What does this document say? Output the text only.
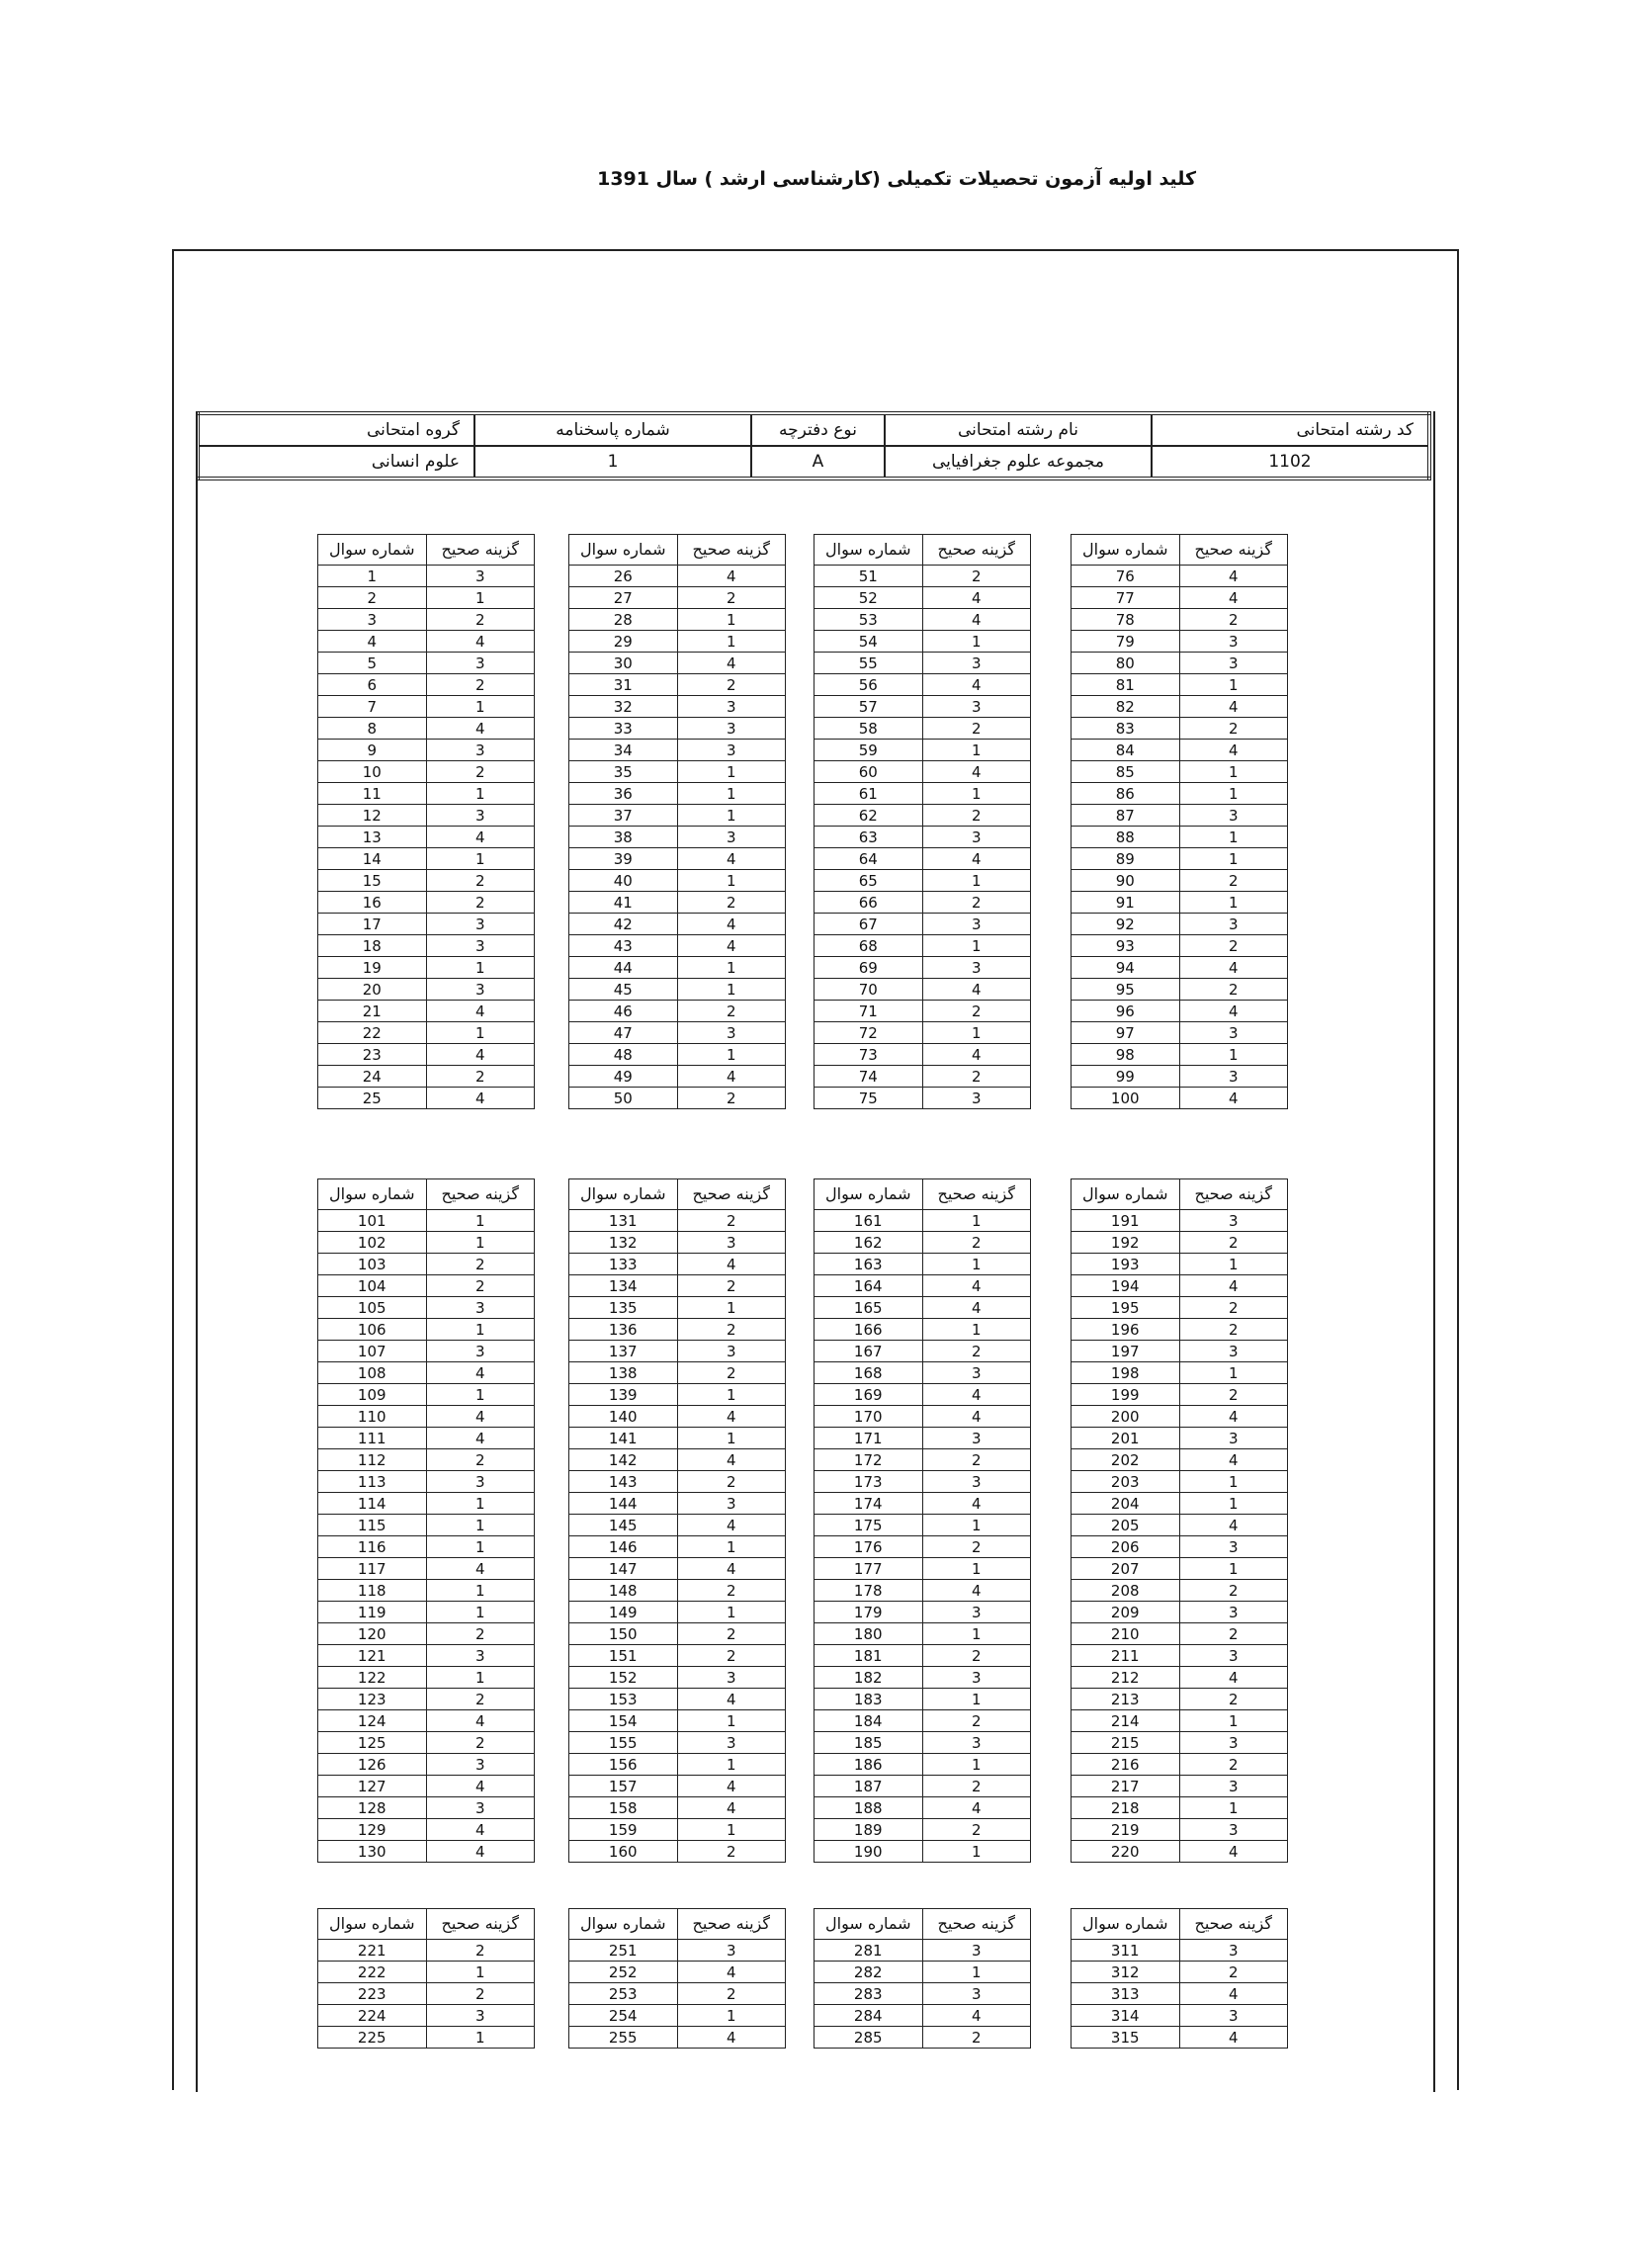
کلید اولیه آزمون تحصیلات تکمیلی (کارشناسی ارشد ) سال 1391
کد رشته امتحانی	نام رشته امتحانی	نوع دفترچه	شماره پاسخنامه	گروه امتحانی
1102	مجموعه علوم جغرافیایی	A	1	علوم انسانی
شماره سوال	گزینه صحیح
1	3
2	1
3	2
4	4
5	3
6	2
7	1
8	4
9	3
10	2
11	1
12	3
13	4
14	1
15	2
16	2
17	3
18	3
19	1
20	3
21	4
22	1
23	4
24	2
25	4
شماره سوال	گزینه صحیح
26	4
27	2
28	1
29	1
30	4
31	2
32	3
33	3
34	3
35	1
36	1
37	1
38	3
39	4
40	1
41	2
42	4
43	4
44	1
45	1
46	2
47	3
48	1
49	4
50	2
شماره سوال	گزینه صحیح
51	2
52	4
53	4
54	1
55	3
56	4
57	3
58	2
59	1
60	4
61	1
62	2
63	3
64	4
65	1
66	2
67	3
68	1
69	3
70	4
71	2
72	1
73	4
74	2
75	3
شماره سوال	گزینه صحیح
76	4
77	4
78	2
79	3
80	3
81	1
82	4
83	2
84	4
85	1
86	1
87	3
88	1
89	1
90	2
91	1
92	3
93	2
94	4
95	2
96	4
97	3
98	1
99	3
100	4
شماره سوال	گزینه صحیح
101	1
102	1
103	2
104	2
105	3
106	1
107	3
108	4
109	1
110	4
111	4
112	2
113	3
114	1
115	1
116	1
117	4
118	1
119	1
120	2
121	3
122	1
123	2
124	4
125	2
126	3
127	4
128	3
129	4
130	4
شماره سوال	گزینه صحیح
131	2
132	3
133	4
134	2
135	1
136	2
137	3
138	2
139	1
140	4
141	1
142	4
143	2
144	3
145	4
146	1
147	4
148	2
149	1
150	2
151	2
152	3
153	4
154	1
155	3
156	1
157	4
158	4
159	1
160	2
شماره سوال	گزینه صحیح
161	1
162	2
163	1
164	4
165	4
166	1
167	2
168	3
169	4
170	4
171	3
172	2
173	3
174	4
175	1
176	2
177	1
178	4
179	3
180	1
181	2
182	3
183	1
184	2
185	3
186	1
187	2
188	4
189	2
190	1
شماره سوال	گزینه صحیح
191	3
192	2
193	1
194	4
195	2
196	2
197	3
198	1
199	2
200	4
201	3
202	4
203	1
204	1
205	4
206	3
207	1
208	2
209	3
210	2
211	3
212	4
213	2
214	1
215	3
216	2
217	3
218	1
219	3
220	4
شماره سوال	گزینه صحیح
221	2
222	1
223	2
224	3
225	1
شماره سوال	گزینه صحیح
251	3
252	4
253	2
254	1
255	4
شماره سوال	گزینه صحیح
281	3
282	1
283	3
284	4
285	2
شماره سوال	گزینه صحیح
311	3
312	2
313	4
314	3
315	4
